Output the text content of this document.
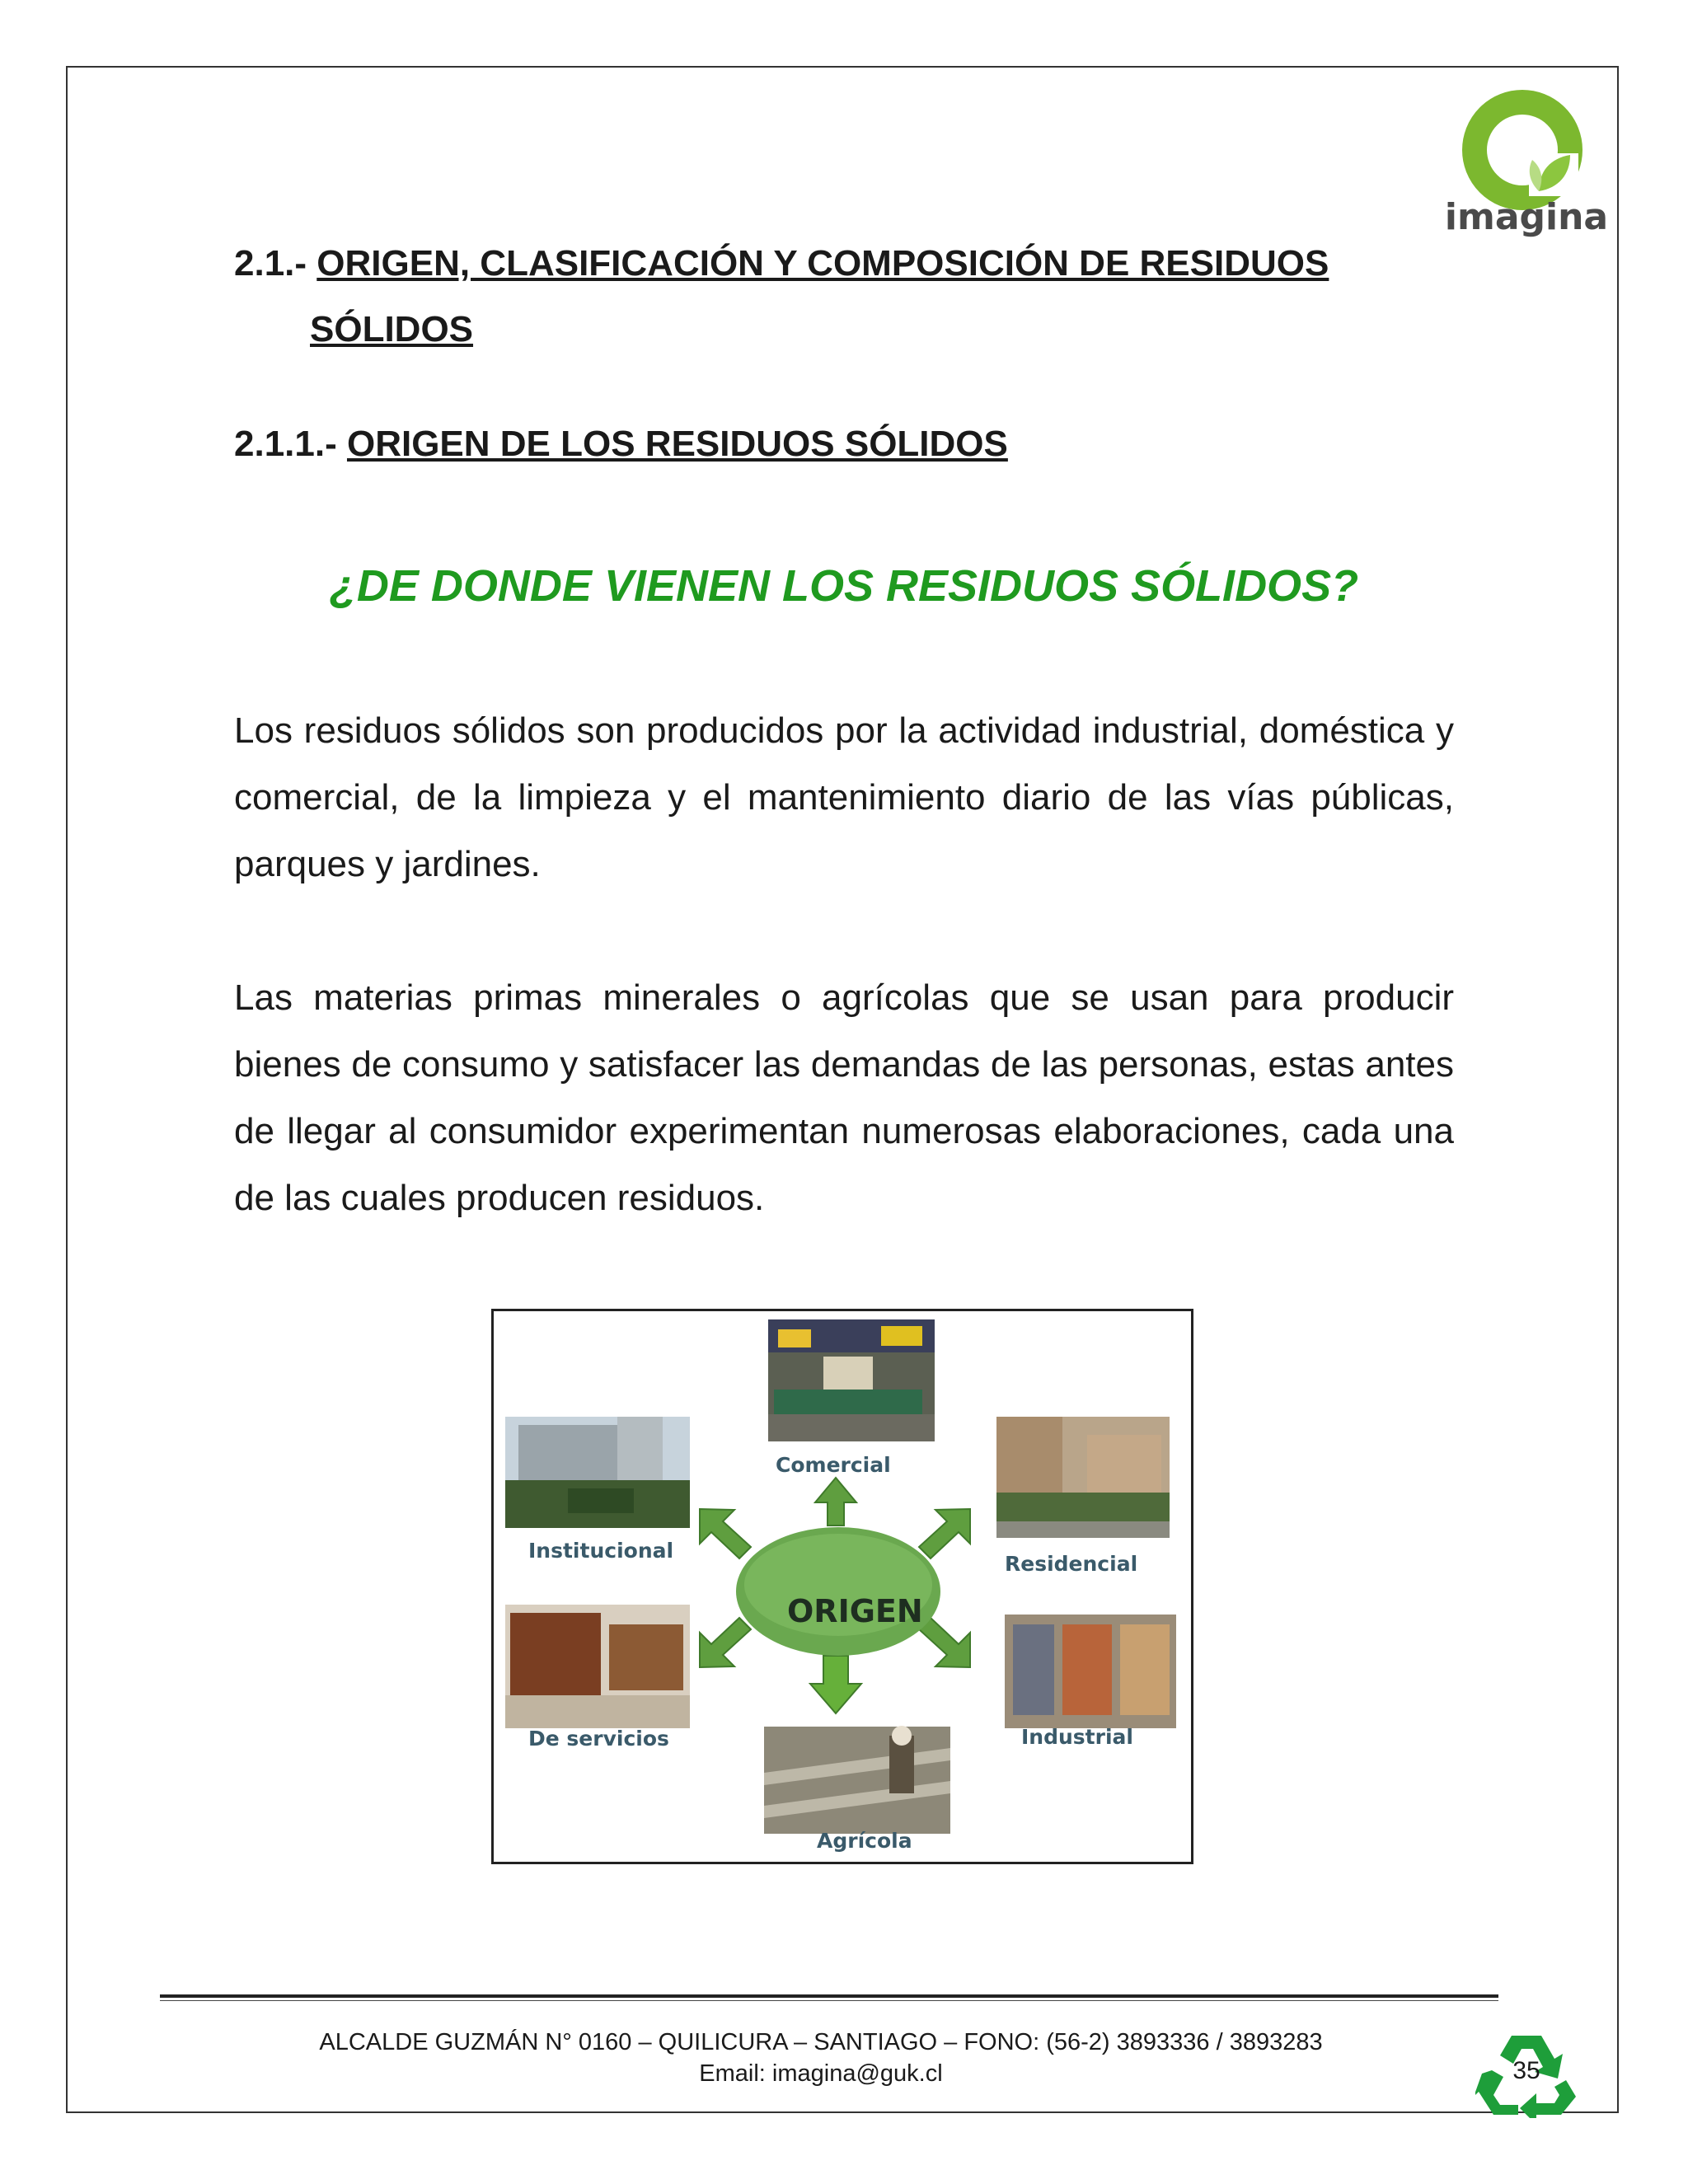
imagina
2.1.- ORIGEN, CLASIFICACIÓN Y COMPOSICIÓN DE RESIDUOS
SÓLIDOS
2.1.1.- ORIGEN DE LOS RESIDUOS SÓLIDOS
¿DE DONDE VIENEN LOS RESIDUOS SÓLIDOS?

Los residuos sólidos son producidos por la actividad industrial, doméstica y comercial, de la limpieza y el mantenimiento diario de las vías públicas, parques y jardines.

Las materias primas minerales o agrícolas que se usan para producir bienes de consumo y satisfacer las demandas de las personas, estas antes de llegar al consumidor experimentan numerosas elaboraciones, cada una de las cuales producen residuos.

ORIGEN
Comercial
Institucional
Residencial
De servicios	Industrial
Agrícola
ALCALDE GUZMÁN N° 0160 – QUILICURA – SANTIAGO – FONO: (56-2) 3893336 / 3893283
Email: imagina@guk.cl	35
